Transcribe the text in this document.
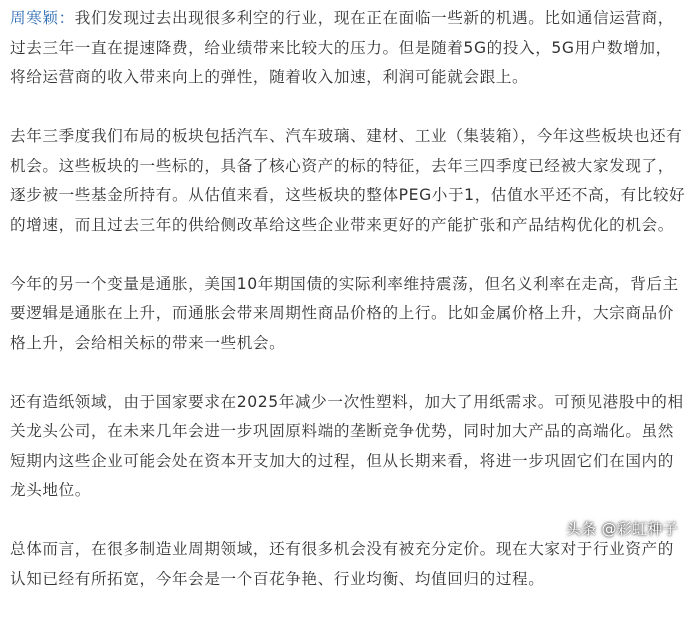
周寒颖：我们发现过去出现很多利空的行业，现在正在面临一些新的机遇。比如通信运营商，过去三年一直在提速降费，给业绩带来比较大的压力。但是随着5G的投入，5G用户数增加，将给运营商的收入带来向上的弹性，随着收入加速，利润可能就会跟上。

去年三季度我们布局的板块包括汽车、汽车玻璃、建材、工业（集装箱），今年这些板块也还有机会。这些板块的一些标的，具备了核心资产的标的特征，去年三四季度已经被大家发现了，逐步被一些基金所持有。从估值来看，这些板块的整体PEG小于1，估值水平还不高，有比较好的增速，而且过去三年的供给侧改革给这些企业带来更好的产能扩张和产品结构优化的机会。

今年的另一个变量是通胀，美国10年期国债的实际利率维持震荡，但名义利率在走高，背后主要逻辑是通胀在上升，而通胀会带来周期性商品价格的上行。比如金属价格上升，大宗商品价格上升，会给相关标的带来一些机会。

还有造纸领域，由于国家要求在2025年减少一次性塑料，加大了用纸需求。可预见港股中的相关龙头公司，在未来几年会进一步巩固原料端的垄断竞争优势，同时加大产品的高端化。虽然短期内这些企业可能会处在资本开支加大的过程，但从长期来看，将进一步巩固它们在国内的龙头地位。

总体而言，在很多制造业周期领域，还有很多机会没有被充分定价。现在大家对于行业资产的认知已经有所拓宽，今年会是一个百花争艳、行业均衡、均值回归的过程。

头条 @彩虹种子
